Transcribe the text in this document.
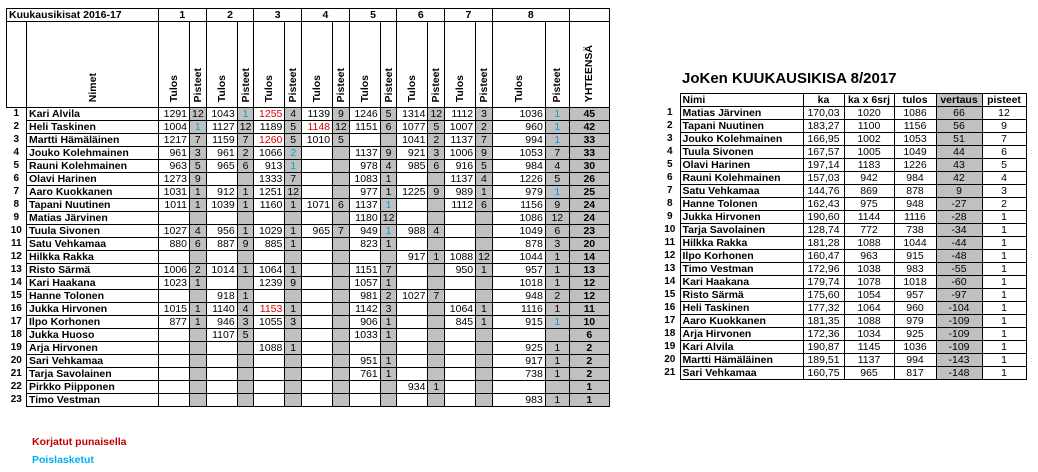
Kuukausikisat 2016-17		1		2		3		4		5		6		7		8		
	Nimet	Tulos	Pisteet	Tulos	Pisteet	Tulos	Pisteet	Tulos	Pisteet	Tulos	Pisteet	Tulos	Pisteet	Tulos	Pisteet	Tulos	Pisteet	YHTEENSÄ
1	Kari Alvila	1291	12	1043	1	1255	4	1139	9	1246	5	1314	12	1112	3	1036	1	45
2	Heli Taskinen	1004	1	1127	12	1189	5	1148	12	1151	6	1077	5	1007	2	960	1	42
3	Martti Hämäläinen	1217	7	1159	7	1260	5	1010	5			1041	2	1137	7	994	1	33
4	Jouko Kolehmainen	961	3	961	2	1066	2			1137	9	921	3	1006	9	1053	7	33
5	Rauni Kolehmainen	963	5	965	6	913	1			978	4	985	6	916	5	984	4	30
6	Olavi Harinen	1273	9			1333	7			1083	1			1137	4	1226	5	26
7	Aaro Kuokkanen	1031	1	912	1	1251	12			977	1	1225	9	989	1	979	1	25
8	Tapani Nuutinen	1011	1	1039	1	1160	1	1071	6	1137	1			1112	6	1156	9	24
9	Matias Järvinen									1180	12					1086	12	24
10	Tuula Sivonen	1027	4	956	1	1029	1	965	7	949	1	988	4			1049	6	23
11	Satu Vehkamaa	880	6	887	9	885	1			823	1					878	3	20
12	Hilkka Rakka											917	1	1088	12	1044	1	14
13	Risto Särmä	1006	2	1014	1	1064	1			1151	7			950	1	957	1	13
14	Kari Haakana	1023	1			1239	9			1057	1					1018	1	12
15	Hanne Tolonen			918	1					981	2	1027	7			948	2	12
16	Jukka Hirvonen	1015	1	1140	4	1153	1			1142	3			1064	1	1116	1	11
17	Ilpo Korhonen	877	1	946	3	1055	3			906	1			845	1	915	1	10
18	Jukka Huoso			1107	5					1033	1							6
19	Arja Hirvonen					1088	1									925	1	2
20	Sari Vehkamaa									951	1					917	1	2
21	Tarja Savolainen									761	1					738	1	2
22	Pirkko Piipponen											934	1					1
23	Timo Vestman															983	1	1
Korjatut punaisella
Poislasketut
JoKen KUUKAUSIKISA 8/2017
	Nimi	ka	ka x 6srj	tulos	vertaus	pisteet
1	Matias Järvinen	170,03	1020	1086	66	12
2	Tapani Nuutinen	183,27	1100	1156	56	9
3	Jouko Kolehmainen	166,95	1002	1053	51	7
4	Tuula Sivonen	167,57	1005	1049	44	6
5	Olavi Harinen	197,14	1183	1226	43	5
6	Rauni Kolehmainen	157,03	942	984	42	4
7	Satu Vehkamaa	144,76	869	878	9	3
8	Hanne Tolonen	162,43	975	948	-27	2
9	Jukka Hirvonen	190,60	1144	1116	-28	1
10	Tarja Savolainen	128,74	772	738	-34	1
11	Hilkka Rakka	181,28	1088	1044	-44	1
12	Ilpo Korhonen	160,47	963	915	-48	1
13	Timo Vestman	172,96	1038	983	-55	1
14	Kari Haakana	179,74	1078	1018	-60	1
15	Risto Särmä	175,60	1054	957	-97	1
16	Heli Taskinen	177,32	1064	960	-104	1
17	Aaro Kuokkanen	181,35	1088	979	-109	1
18	Arja Hirvonen	172,36	1034	925	-109	1
19	Kari Alvila	190,87	1145	1036	-109	1
20	Martti Hämäläinen	189,51	1137	994	-143	1
21	Sari Vehkamaa	160,75	965	817	-148	1
